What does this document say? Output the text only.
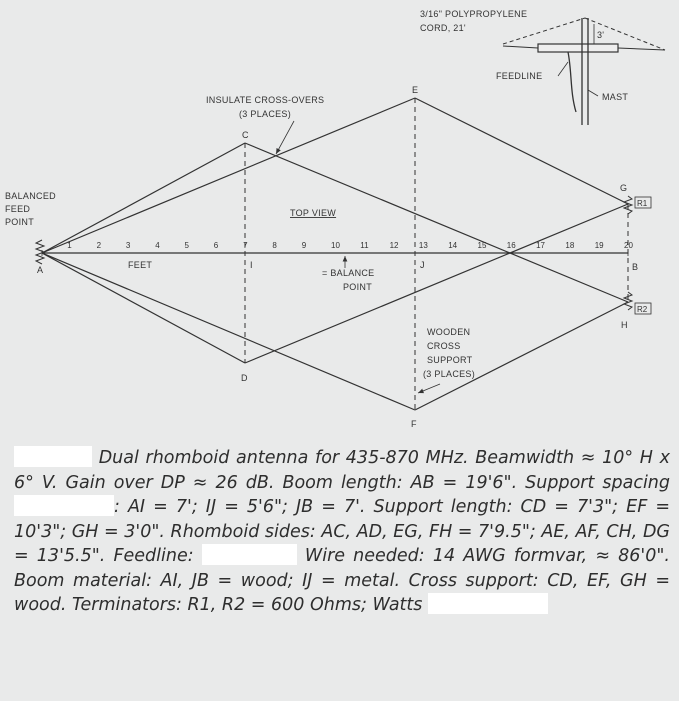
3/16" POLYPROPYLENE
CORD, 21'
3'
FEEDLINE
MAST
1	2	3	4	5	6	7	8	9	10	11	12	13	14	15	16	17	18	19	20
INSULATE CROSS-OVERS
(3 PLACES)
BALANCED
FEED
POINT
TOP VIEW
FEET
= BALANCE
POINT
WOODEN
CROSS
SUPPORT
(3 PLACES)
A	B
C
D
E
F
G
H
I	J
R1
R2

Dual rhomboid antenna for 435-870 MHz. Beamwidth ≈ 10° H x 6° V. Gain over DP ≈ 26 dB. Boom length: AB = 19'6". Support spacing : AI = 7'; IJ = 5'6"; JB = 7'. Support length: CD = 7'3"; EF = 10'3"; GH = 3'0". Rhomboid sides: AC, AD, EG, FH = 7'9.5"; AE, AF, CH, DG = 13'5.5". Feedline:	Wire needed: 14 AWG formvar, ≈ 86'0". Boom material: AI, JB = wood; IJ = metal. Cross support: CD, EF, GH = wood. Terminators: R1, R2 = 600 Ohms; Watts
